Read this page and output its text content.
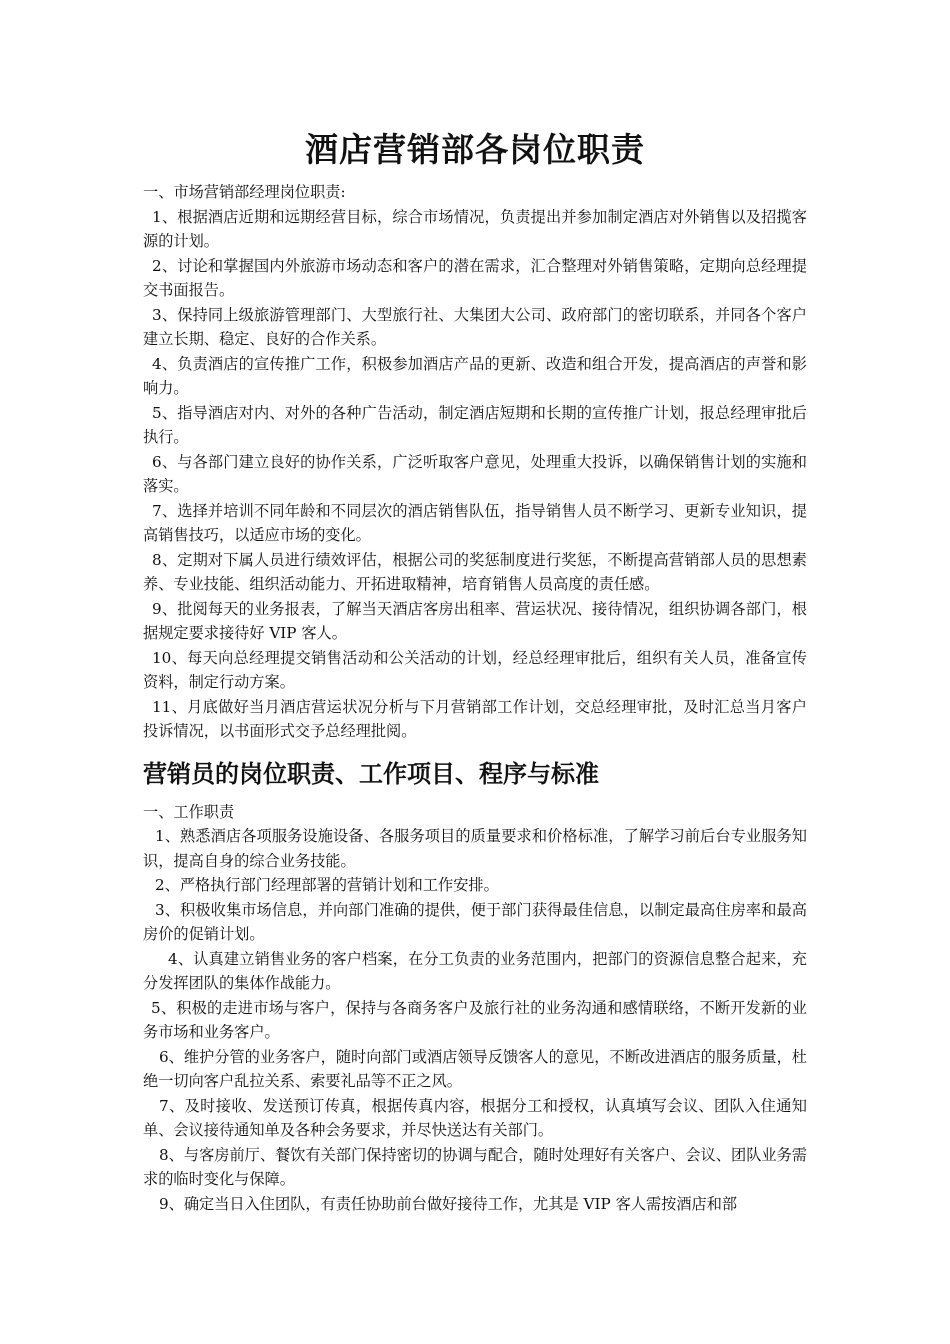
酒店营销部各岗位职责

一、市场营销部经理岗位职责:

1、根据酒店近期和远期经营目标，综合市场情况，负责提出并参加制定酒店对外销售以及招揽客源的计划。

2、讨论和掌握国内外旅游市场动态和客户的潜在需求，汇合整理对外销售策略，定期向总经理提交书面报告。

3、保持同上级旅游管理部门、大型旅行社、大集团大公司、政府部门的密切联系，并同各个客户建立长期、稳定、良好的合作关系。

4、负责酒店的宣传推广工作，积极参加酒店产品的更新、改造和组合开发，提高酒店的声誉和影响力。

5、指导酒店对内、对外的各种广告活动，制定酒店短期和长期的宣传推广计划，报总经理审批后执行。

6、与各部门建立良好的协作关系，广泛听取客户意见，处理重大投诉，以确保销售计划的实施和落实。

7、选择并培训不同年龄和不同层次的酒店销售队伍，指导销售人员不断学习、更新专业知识，提高销售技巧，以适应市场的变化。

8、定期对下属人员进行绩效评估，根据公司的奖惩制度进行奖惩，不断提高营销部人员的思想素养、专业技能、组织活动能力、开拓进取精神，培育销售人员高度的责任感。

9、批阅每天的业务报表，了解当天酒店客房出租率、营运状况、接待情况，组织协调各部门，根据规定要求接待好 VIP 客人。

10、每天向总经理提交销售活动和公关活动的计划，经总经理审批后，组织有关人员，准备宣传资料，制定行动方案。

11、月底做好当月酒店营运状况分析与下月营销部工作计划，交总经理审批，及时汇总当月客户投诉情况，以书面形式交予总经理批阅。

营销员的岗位职责、工作项目、程序与标准

一、工作职责

1、熟悉酒店各项服务设施设备、各服务项目的质量要求和价格标准，了解学习前后台专业服务知识，提高自身的综合业务技能。

2、严格执行部门经理部署的营销计划和工作安排。

3、积极收集市场信息，并向部门准确的提供，便于部门获得最佳信息，以制定最高住房率和最高房价的促销计划。

4、认真建立销售业务的客户档案，在分工负责的业务范围内，把部门的资源信息整合起来，充分发挥团队的集体作战能力。

5、积极的走进市场与客户，保持与各商务客户及旅行社的业务沟通和感情联络，不断开发新的业务市场和业务客户。

6、维护分管的业务客户，随时向部门或酒店领导反馈客人的意见，不断改进酒店的服务质量，杜绝一切向客户乱拉关系、索要礼品等不正之风。

7、及时接收、发送预订传真，根据传真内容，根据分工和授权，认真填写会议、团队入住通知单、会议接待通知单及各种会务要求，并尽快送达有关部门。

8、与客房前厅、餐饮有关部门保持密切的协调与配合，随时处理好有关客户、会议、团队业务需求的临时变化与保障。

9、确定当日入住团队，有责任协助前台做好接待工作，尤其是 VIP 客人需按酒店和部
